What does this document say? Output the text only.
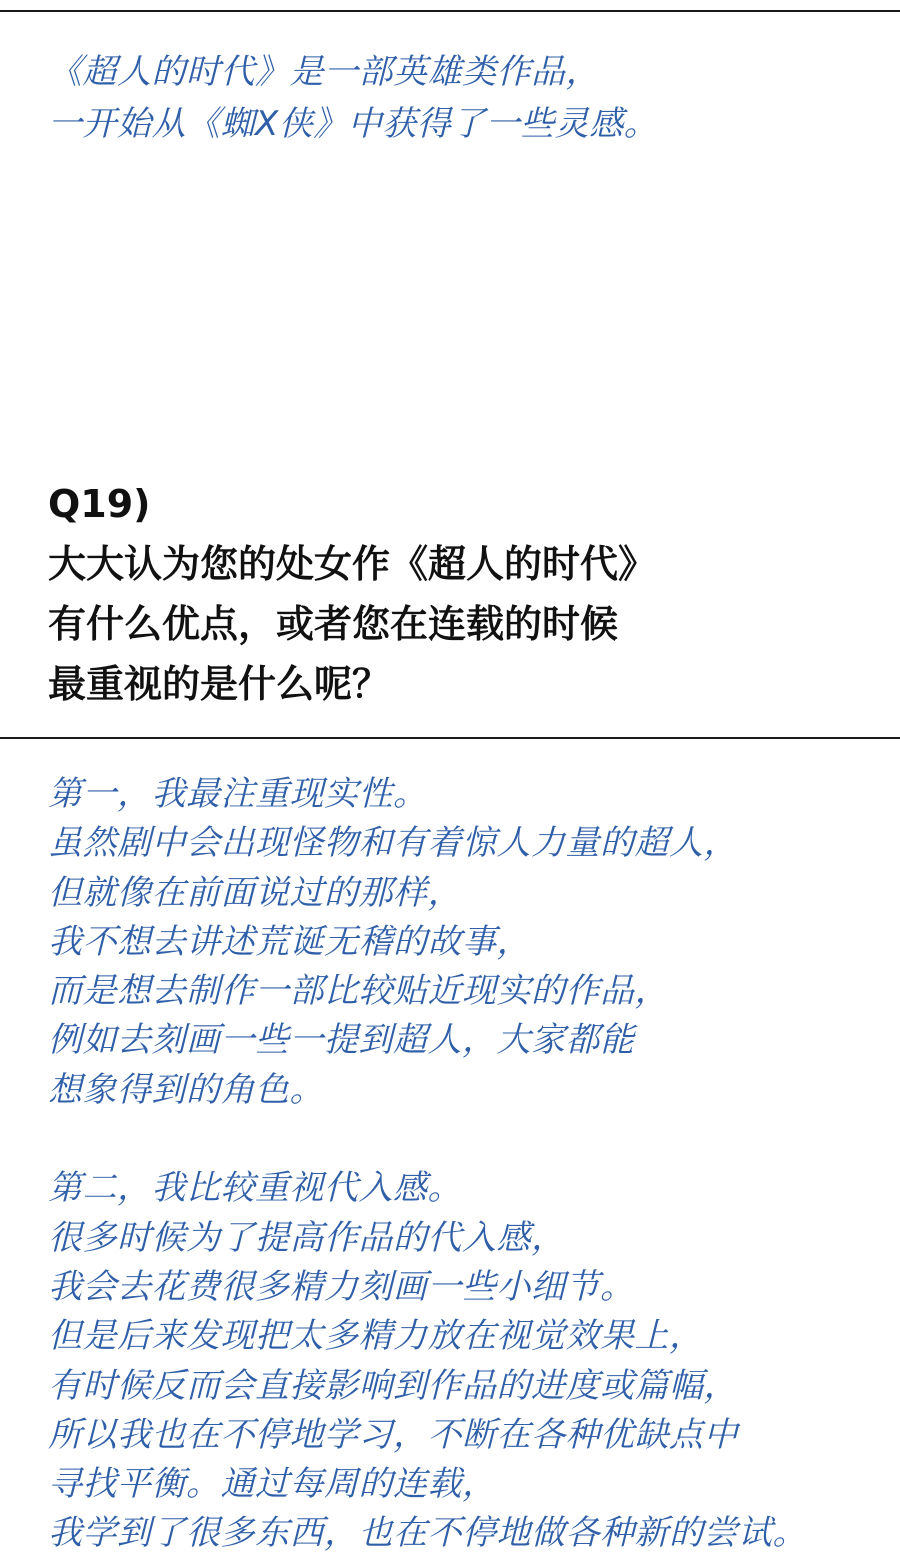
《超人的时代》是一部英雄类作品，
一开始从《蜘X侠》中获得了一些灵感。
Q19)
大大认为您的处女作《超人的时代》
有什么优点，或者您在连载的时候
最重视的是什么呢？
第一，我最注重现实性。
虽然剧中会出现怪物和有着惊人力量的超人，
但就像在前面说过的那样，
我不想去讲述荒诞无稽的故事，
而是想去制作一部比较贴近现实的作品，
例如去刻画一些一提到超人，大家都能
想象得到的角色。
第二，我比较重视代入感。
很多时候为了提高作品的代入感，
我会去花费很多精力刻画一些小细节。
但是后来发现把太多精力放在视觉效果上，
有时候反而会直接影响到作品的进度或篇幅，
所以我也在不停地学习，不断在各种优缺点中
寻找平衡。通过每周的连载，
我学到了很多东西，也在不停地做各种新的尝试。
